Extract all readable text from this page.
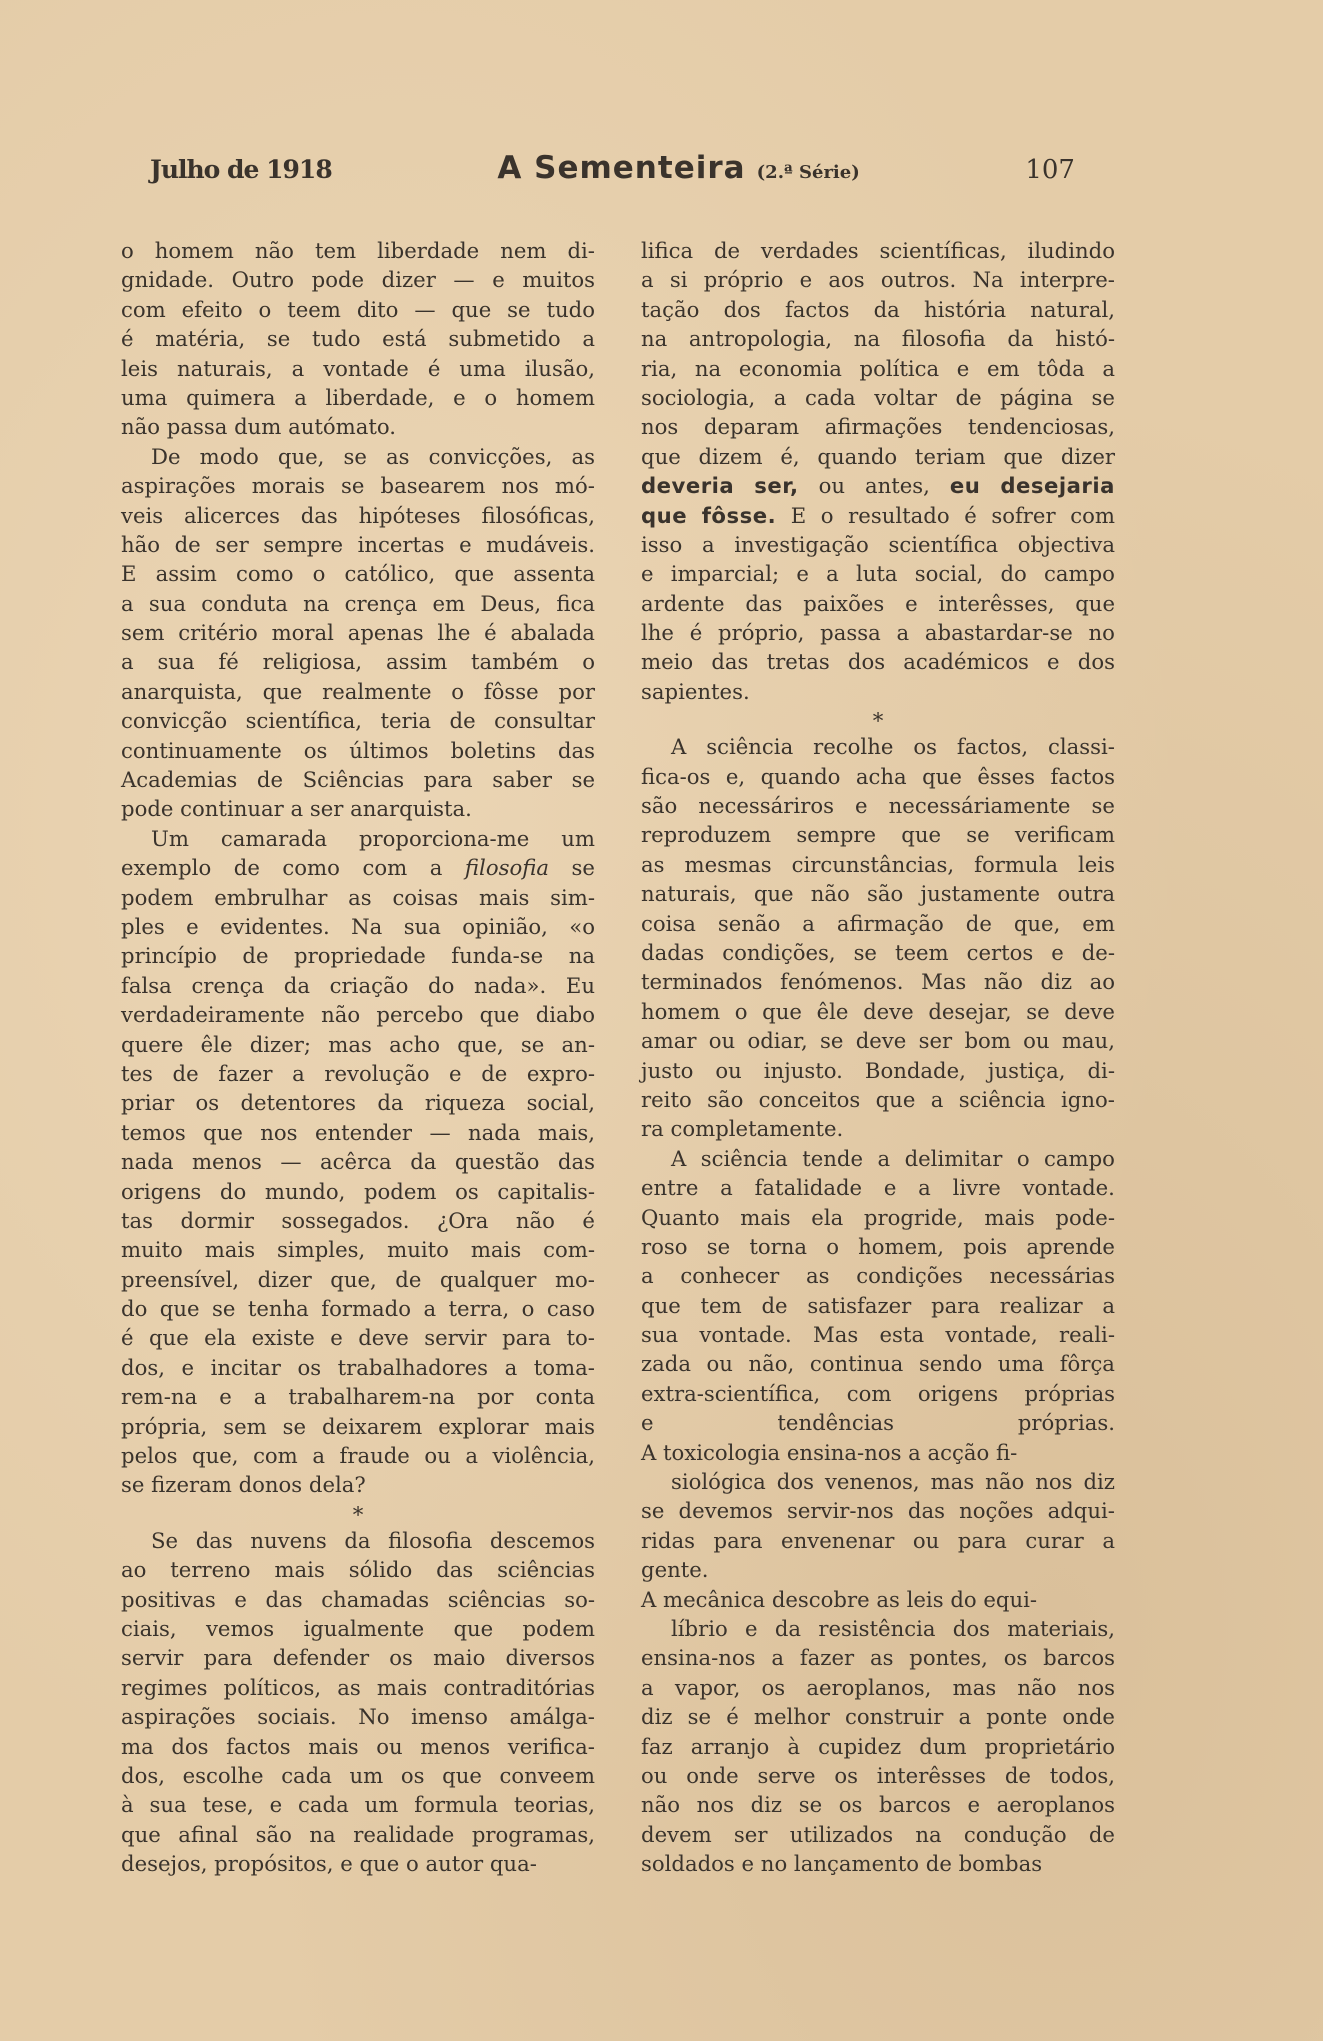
Julho de 1918	A Sementeira (2.ª Série)	107
o homem não tem liberdade nem di-
gnidade. Outro pode dizer — e muitos
com efeito o teem dito — que se tudo
é matéria, se tudo está submetido a
leis naturais, a vontade é uma ilusão,
uma quimera a liberdade, e o homem
não passa dum autómato.
De modo que, se as convicções, as
aspirações morais se basearem nos mó-
veis alicerces das hipóteses filosóficas,
hão de ser sempre incertas e mudáveis.
E assim como o católico, que assenta
a sua conduta na crença em Deus, fica
sem critério moral apenas lhe é abalada
a sua fé religiosa, assim também o
anarquista, que realmente o fôsse por
convicção scientífica, teria de consultar
continuamente os últimos boletins das
Academias de Sciências para saber se
pode continuar a ser anarquista.
Um camarada proporciona-me um
exemplo de como com a filosofia se
podem embrulhar as coisas mais sim-
ples e evidentes. Na sua opinião, «o
princípio de propriedade funda-se na
falsa crença da criação do nada». Eu
verdadeiramente não percebo que diabo
quere êle dizer; mas acho que, se an-
tes de fazer a revolução e de expro-
priar os detentores da riqueza social,
temos que nos entender — nada mais,
nada menos — acêrca da questão das
origens do mundo, podem os capitalis-
tas dormir sossegados. ¿Ora não é
muito mais simples, muito mais com-
preensível, dizer que, de qualquer mo-
do que se tenha formado a terra, o caso
é que ela existe e deve servir para to-
dos, e incitar os trabalhadores a toma-
rem-na e a trabalharem-na por conta
própria, sem se deixarem explorar mais
pelos que, com a fraude ou a violência,
se fizeram donos dela?
*
Se das nuvens da filosofia descemos
ao terreno mais sólido das sciências
positivas e das chamadas sciências so-
ciais, vemos igualmente que podem
servir para defender os maio diversos
regimes políticos, as mais contraditórias
aspirações sociais. No imenso amálga-
ma dos factos mais ou menos verifica-
dos, escolhe cada um os que conveem
à sua tese, e cada um formula teorias,
que afinal são na realidade programas,
desejos, propósitos, e que o autor qua-
lifica de verdades scientíficas, iludindo
a si próprio e aos outros. Na interpre-
tação dos factos da história natural,
na antropologia, na filosofia da histó-
ria, na economia política e em tôda a
sociologia, a cada voltar de página se
nos deparam afirmações tendenciosas,
que dizem é, quando teriam que dizer
deveria ser, ou antes, eu desejaria
que fôsse. E o resultado é sofrer com
isso a investigação scientífica objectiva
e imparcial; e a luta social, do campo
ardente das paixões e interêsses, que
lhe é próprio, passa a abastardar-se no
meio das tretas dos académicos e dos
sapientes.
*
A sciência recolhe os factos, classi-
fica-os e, quando acha que êsses factos
são necessáriros e necessáriamente se
reproduzem sempre que se verificam
as mesmas circunstâncias, formula leis
naturais, que não são justamente outra
coisa senão a afirmação de que, em
dadas condições, se teem certos e de-
terminados fenómenos. Mas não diz ao
homem o que êle deve desejar, se deve
amar ou odiar, se deve ser bom ou mau,
justo ou injusto. Bondade, justiça, di-
reito são conceitos que a sciência igno-
ra completamente.
A sciência tende a delimitar o campo
entre a fatalidade e a livre vontade.
Quanto mais ela progride, mais pode-
roso se torna o homem, pois aprende
a conhecer as condições necessárias
que tem de satisfazer para realizar a
sua vontade. Mas esta vontade, reali-
zada ou não, continua sendo uma fôrça
extra-scientífica, com origens próprias
e	tendências	próprias.
A toxicologia ensina-nos a acção fi-
siológica dos venenos, mas não nos diz
se devemos servir-nos das noções adqui-
ridas para envenenar ou para curar a
gente.
A mecânica descobre as leis do equi-
líbrio e da resistência dos materiais,
ensina-nos a fazer as pontes, os barcos
a vapor, os aeroplanos, mas não nos
diz se é melhor construir a ponte onde
faz arranjo à cupidez dum proprietário
ou onde serve os interêsses de todos,
não nos diz se os barcos e aeroplanos
devem ser utilizados na condução de
soldados e no lançamento de bombas
